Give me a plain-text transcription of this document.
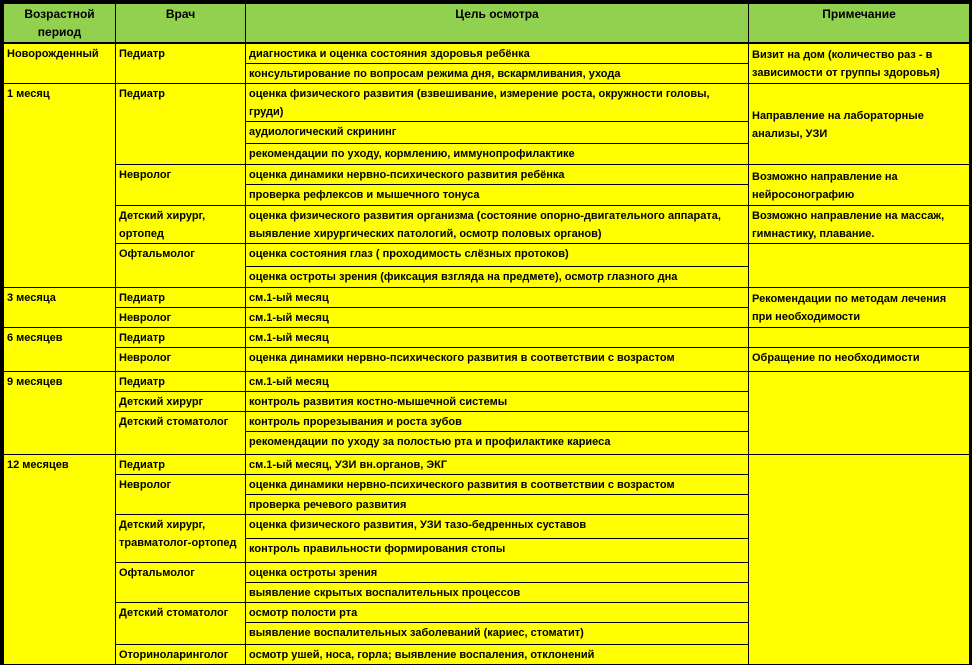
Возрастной период	Врач	Цель осмотра	Примечание
Новорожденный	Педиатр	диагностика и оценка состояния здоровья ребёнка	Визит на дом (количество раз - в зависимости от группы здоровья)
		консультирование по вопросам режима дня, вскармливания, ухода	
1 месяц	Педиатр	оценка физического развития (взвешивание, измерение роста, окружности головы, груди)	Направление на лабораторные анализы, УЗИ
		аудиологический скрининг	
		рекомендации по уходу, кормлению, иммунопрофилактике	
	Невролог	оценка динамики нервно-психического развития ребёнка	Возможно направление на нейросонографию
		проверка рефлексов и мышечного тонуса	
	Детский хирург, ортопед	оценка физического развития организма (состояние опорно-двигательного аппарата, выявление хирургических патологий, осмотр половых органов)	Возможно направление на массаж, гимнастику, плавание.
	Офтальмолог	оценка состояния глаз ( проходимость слёзных протоков)	
		оценка остроты зрения (фиксация взгляда на предмете), осмотр глазного дна	
3 месяца	Педиатр	см.1-ый месяц	Рекомендации по методам лечения при необходимости
	Невролог	см.1-ый месяц	
6 месяцев	Педиатр	см.1-ый месяц	
	Невролог	оценка динамики нервно-психического развития в соответствии с возрастом	Обращение по необходимости
9 месяцев	Педиатр	см.1-ый месяц	
	Детский хирург	контроль развития костно-мышечной системы	
	Детский стоматолог	контроль прорезывания и роста зубов	
		рекомендации по уходу за полостью рта и профилактике кариеса	
12 месяцев	Педиатр	см.1-ый месяц, УЗИ вн.органов, ЭКГ	
	Невролог	оценка динамики нервно-психического развития в соответствии с возрастом	
		проверка речевого развития	
	Детский хирург, травматолог-ортопед	оценка физического развития, УЗИ тазо-бедренных суставов	
		контроль правильности формирования стопы	
	Офтальмолог	оценка остроты зрения	
		выявление скрытых воспалительных процессов	
	Детский стоматолог	осмотр полости рта	
		выявление воспалительных заболеваний (кариес, стоматит)	
	Оториноларинголог	осмотр ушей, носа, горла; выявление воспаления, отклонений	
